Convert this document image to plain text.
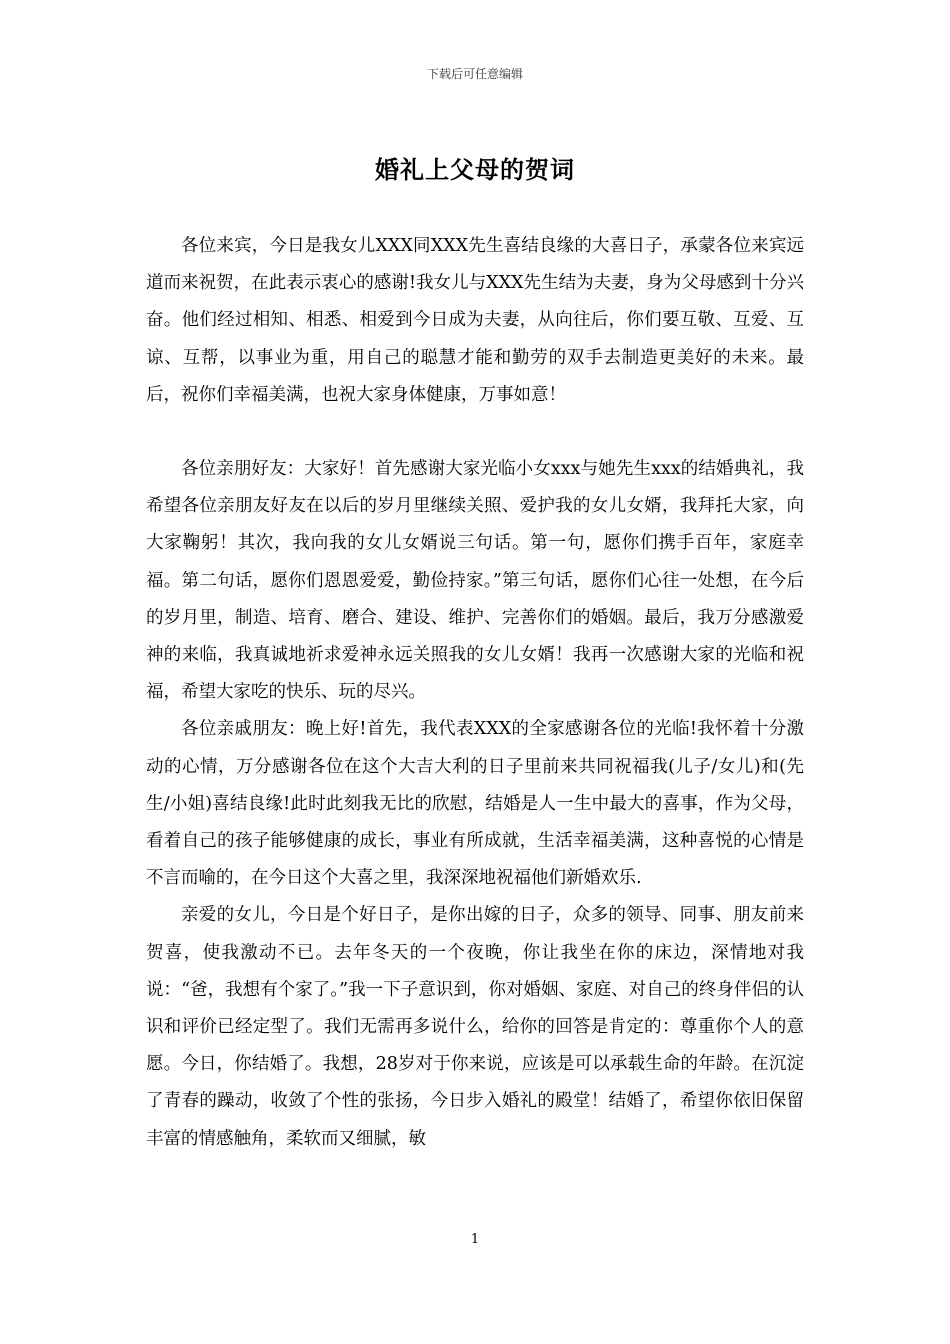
下载后可任意编辑
婚礼上父母的贺词

各位来宾，今日是我女儿XXX同XXX先生喜结良缘的大喜日子，承蒙各位来宾远道而来祝贺，在此表示衷心的感谢!我女儿与XXX先生结为夫妻，身为父母感到十分兴奋。他们经过相知、相悉、相爱到今日成为夫妻，从向往后，你们要互敬、互爱、互谅、互帮，以事业为重，用自己的聪慧才能和勤劳的双手去制造更美好的未来。最后，祝你们幸福美满，也祝大家身体健康，万事如意！

各位亲朋好友：大家好！首先感谢大家光临小女xxx与她先生xxx的结婚典礼，我希望各位亲朋友好友在以后的岁月里继续关照、爱护我的女儿女婿，我拜托大家，向大家鞠躬！其次，我向我的女儿女婿说三句话。第一句，愿你们携手百年，家庭幸福。第二句话，愿你们恩恩爱爱，勤俭持家。”第三句话，愿你们心往一处想，在今后的岁月里，制造、培育、磨合、建设、维护、完善你们的婚姻。最后，我万分感激爱神的来临，我真诚地祈求爱神永远关照我的女儿女婿！我再一次感谢大家的光临和祝福，希望大家吃的快乐、玩的尽兴。

各位亲戚朋友：晚上好!首先，我代表XXX的全家感谢各位的光临!我怀着十分激动的心情，万分感谢各位在这个大吉大利的日子里前来共同祝福我(儿子/女儿)和(先生/小姐)喜结良缘!此时此刻我无比的欣慰，结婚是人一生中最大的喜事，作为父母，看着自己的孩子能够健康的成长，事业有所成就，生活幸福美满，这种喜悦的心情是不言而喻的，在今日这个大喜之里，我深深地祝福他们新婚欢乐.

亲爱的女儿，今日是个好日子，是你出嫁的日子，众多的领导、同事、朋友前来贺喜，使我激动不已。去年冬天的一个夜晚，你让我坐在你的床边，深情地对我说：“爸，我想有个家了。”我一下子意识到，你对婚姻、家庭、对自己的终身伴侣的认识和评价已经定型了。我们无需再多说什么，给你的回答是肯定的：尊重你个人的意愿。今日，你结婚了。我想，28岁对于你来说，应该是可以承载生命的年龄。在沉淀了青春的躁动，收敛了个性的张扬，今日步入婚礼的殿堂！结婚了，希望你依旧保留丰富的情感触角，柔软而又细腻，敏

1
